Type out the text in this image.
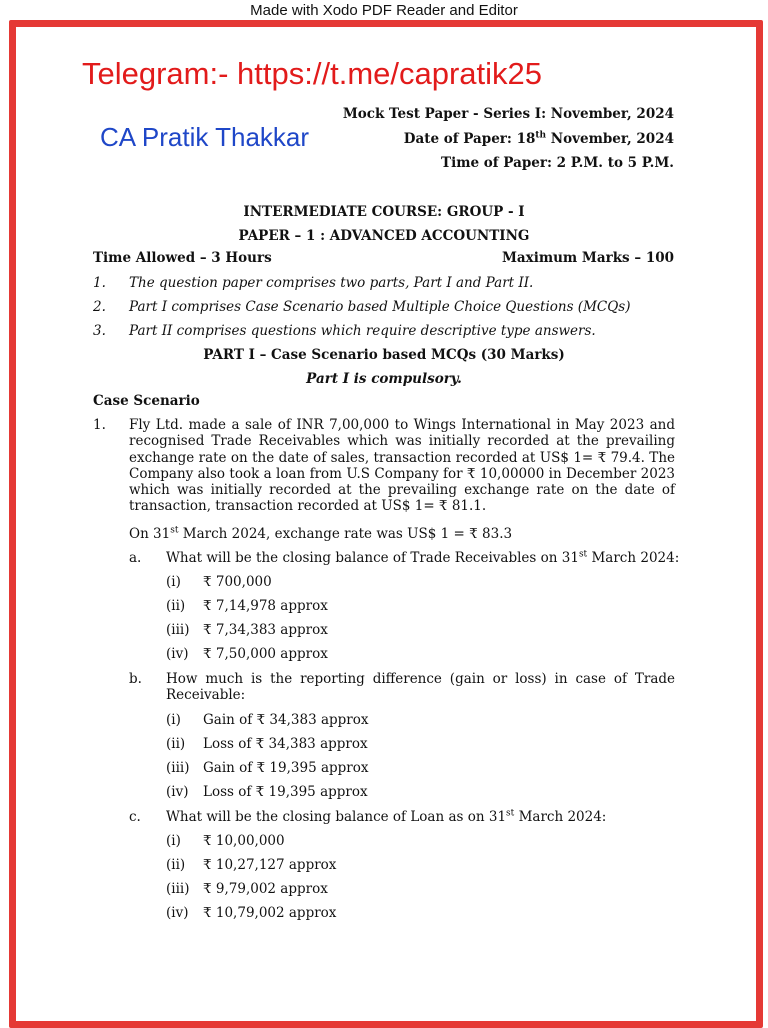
Made with Xodo PDF Reader and Editor
Telegram:- https://t.me/capratik25
CA Pratik Thakkar
Mock Test Paper - Series I: November, 2024
Date of Paper: 18th November, 2024
Time of Paper: 2 P.M. to 5 P.M.
INTERMEDIATE COURSE: GROUP - I
PAPER – 1 : ADVANCED ACCOUNTING
Time Allowed – 3 Hours	Maximum Marks – 100
1. The question paper comprises two parts, Part I and Part II.
2. Part I comprises Case Scenario based Multiple Choice Questions (MCQs)
3. Part II comprises questions which require descriptive type answers.
PART I – Case Scenario based MCQs (30 Marks)
Part I is compulsory.
Case Scenario
1. Fly Ltd. made a sale of INR 7,00,000 to Wings International in May 2023 and recognised Trade Receivables which was initially recorded at the prevailing exchange rate on the date of sales, transaction recorded at US$ 1= ₹ 79.4. The Company also took a loan from U.S Company for ₹ 10,00000 in December 2023 which was initially recorded at the prevailing exchange rate on the date of transaction, transaction recorded at US$ 1= ₹ 81.1.
On 31st March 2024, exchange rate was US$ 1 = ₹ 83.3
a. What will be the closing balance of Trade Receivables on 31st March 2024:
(i) ₹ 700,000
(ii) ₹ 7,14,978 approx
(iii) ₹ 7,34,383 approx
(iv) ₹ 7,50,000 approx
b. How much is the reporting difference (gain or loss) in case of Trade Receivable:
(i) Gain of ₹ 34,383 approx
(ii) Loss of ₹ 34,383 approx
(iii) Gain of ₹ 19,395 approx
(iv) Loss of ₹ 19,395 approx
c. What will be the closing balance of Loan as on 31st March 2024:
(i) ₹ 10,00,000
(ii) ₹ 10,27,127 approx
(iii) ₹ 9,79,002 approx
(iv) ₹ 10,79,002 approx
